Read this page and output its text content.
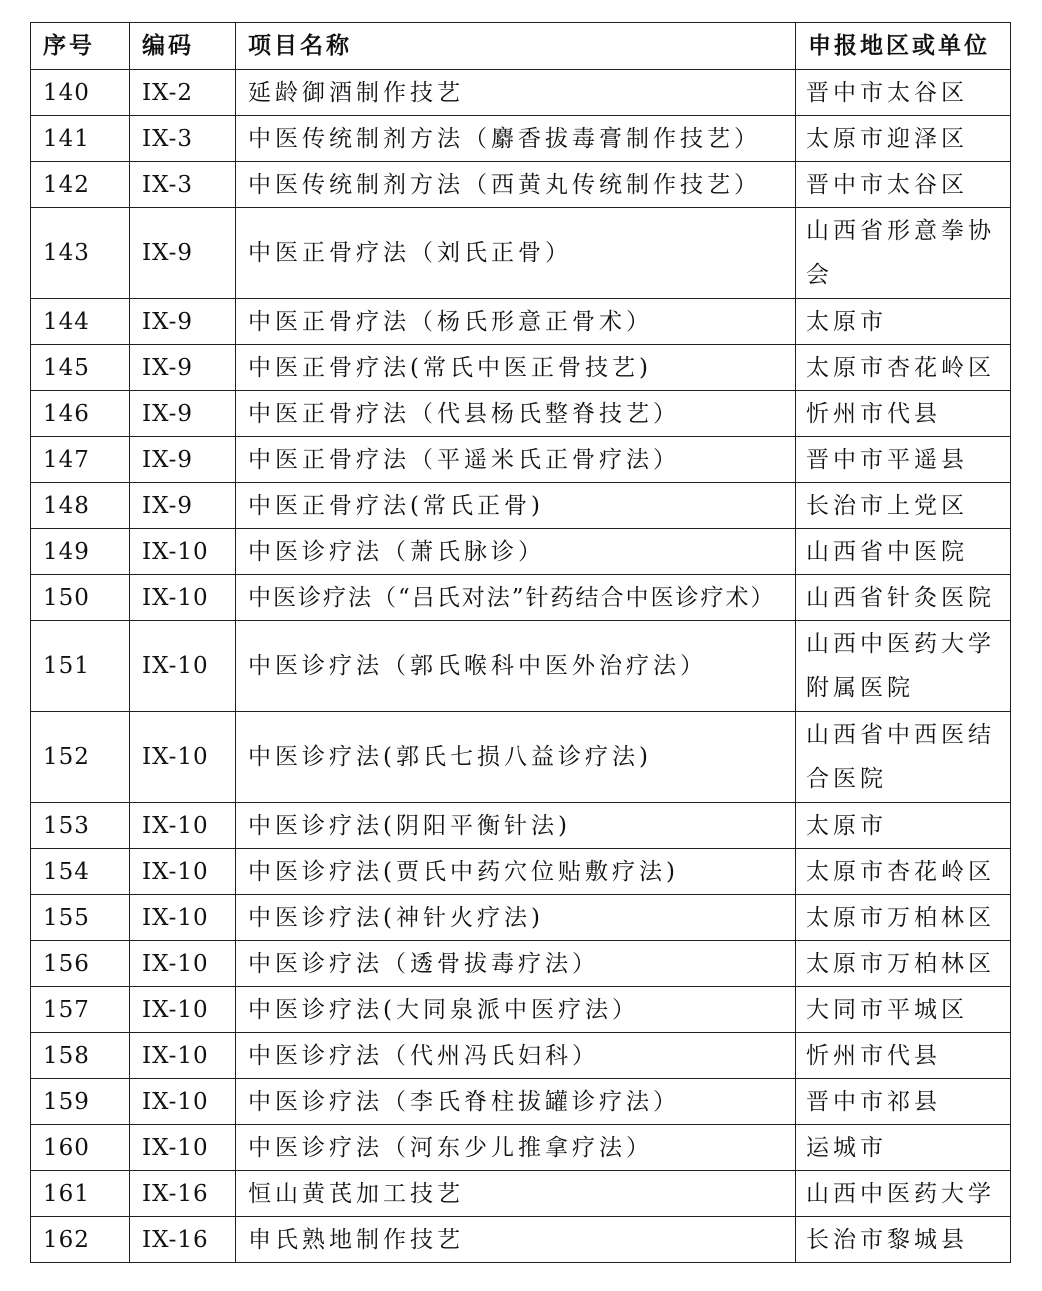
序号	编码	项目名称	申报地区或单位
140	IX-2	延龄御酒制作技艺	晋中市太谷区
141	IX-3	中医传统制剂方法（麝香拔毒膏制作技艺）	太原市迎泽区
142	IX-3	中医传统制剂方法（西黄丸传统制作技艺）	晋中市太谷区
143	IX-9	中医正骨疗法（刘氏正骨）	山西省形意拳协会
144	IX-9	中医正骨疗法（杨氏形意正骨术）	太原市
145	IX-9	中医正骨疗法(常氏中医正骨技艺)	太原市杏花岭区
146	IX-9	中医正骨疗法（代县杨氏整脊技艺）	忻州市代县
147	IX-9	中医正骨疗法（平遥米氏正骨疗法）	晋中市平遥县
148	IX-9	中医正骨疗法(常氏正骨)	长治市上党区
149	IX-10	中医诊疗法（萧氏脉诊）	山西省中医院
150	IX-10	中医诊疗法（“吕氏对法”针药结合中医诊疗术）	山西省针灸医院
151	IX-10	中医诊疗法（郭氏喉科中医外治疗法）	山西中医药大学附属医院
152	IX-10	中医诊疗法(郭氏七损八益诊疗法)	山西省中西医结合医院
153	IX-10	中医诊疗法(阴阳平衡针法)	太原市
154	IX-10	中医诊疗法(贾氏中药穴位贴敷疗法)	太原市杏花岭区
155	IX-10	中医诊疗法(神针火疗法)	太原市万柏林区
156	IX-10	中医诊疗法（透骨拔毒疗法）	太原市万柏林区
157	IX-10	中医诊疗法(大同泉派中医疗法）	大同市平城区
158	IX-10	中医诊疗法（代州冯氏妇科）	忻州市代县
159	IX-10	中医诊疗法（李氏脊柱拔罐诊疗法）	晋中市祁县
160	IX-10	中医诊疗法（河东少儿推拿疗法）	运城市
161	IX-16	恒山黄芪加工技艺	山西中医药大学
162	IX-16	申氏熟地制作技艺	长治市黎城县
